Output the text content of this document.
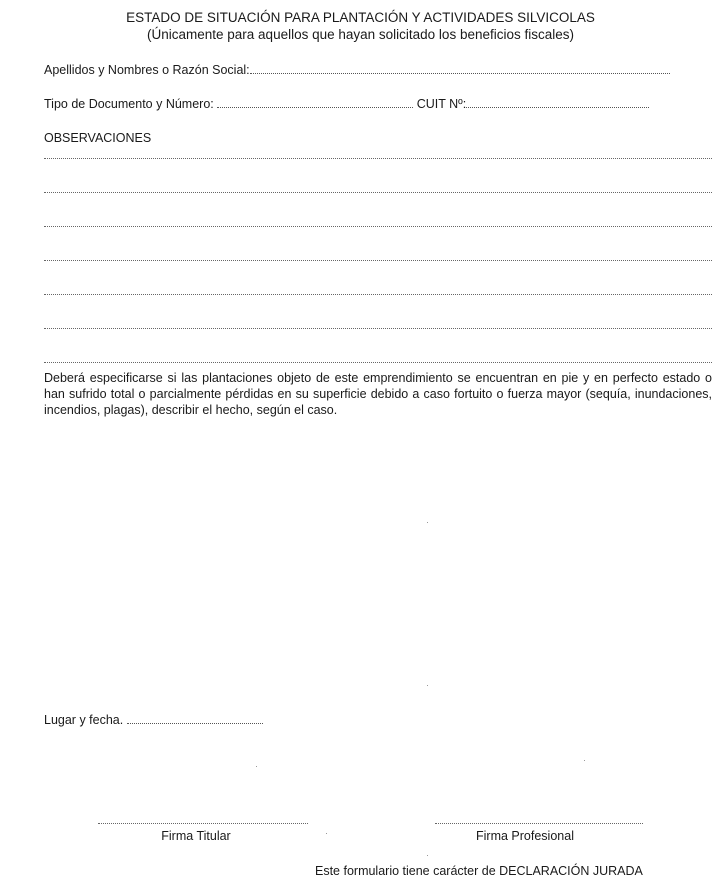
ESTADO DE SITUACIÓN PARA PLANTACIÓN Y ACTIVIDADES SILVICOLAS
(Únicamente para aquellos que hayan solicitado los beneficios fiscales)
Apellidos y Nombres o Razón Social:
Tipo de Documento y Número:	CUIT Nº:
OBSERVACIONES
Deberá especificarse si las plantaciones objeto de este emprendimiento se encuentran en pie y en perfecto estado o han sufrido total o parcialmente pérdidas en su superficie debido a caso fortuito o fuerza mayor (sequía, inundaciones, incendios, plagas), describir el hecho, según el caso.
Lugar y fecha.
Firma Titular	Firma Profesional
Este formulario tiene carácter de DECLARACIÓN JURADA
